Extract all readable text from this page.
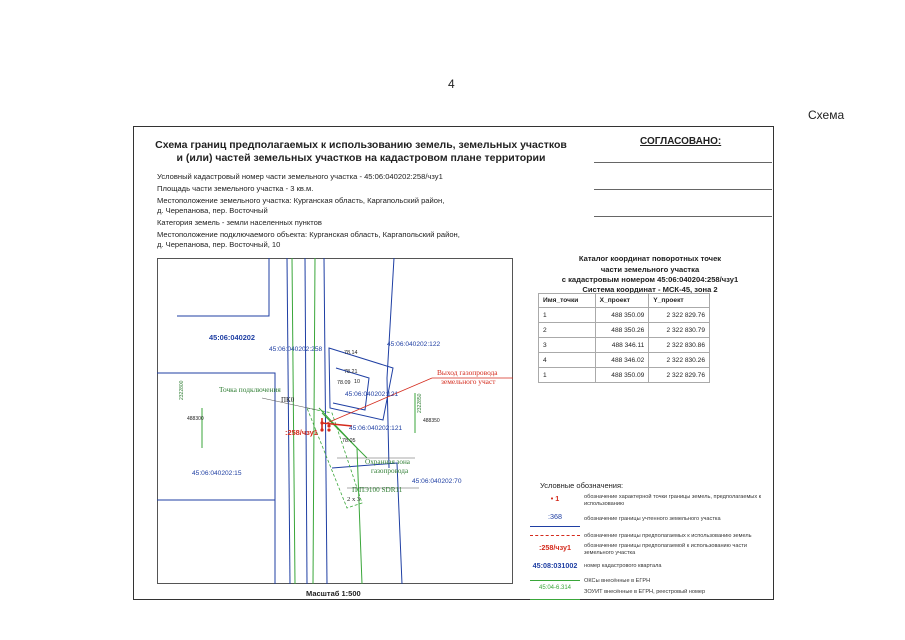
4
Схема
Схема границ предполагаемых к использованию земель, земельных участков
и (или) частей земельных участков на кадастровом плане территории
Условный кадастровый номер части земельного участка - 45:06:040202:258/чзу1
Площадь части земельного участка - 3 кв.м.
Местоположение земельного участка: Курганская область, Каргапольский район,
д. Черепанова, пер. Восточный
Категория земель - земли населенных пунктов
Местоположение подключаемого объекта: Курганская область, Каргапольский район,
д. Черепанова, пер. Восточный, 10
СОГЛАСОВАНО:
Каталог координат поворотных точек
части земельного участка
с кадастровым номером 45:06:040204:258/чзу1
Система координат - МСК-45, зона 2
Имя_точки	X_проект	Y_проект
1	488 350.09	2 322 829.76
2	488 350.26	2 322 830.79
3	488 346.11	2 322 830.86
4	488 346.02	2 322 830.26
1	488 350.09	2 322 829.76
45:06:040202
45:06:040202:258
45:06:040202:122
45:06:040202:121
45:06:040202:121
45:06:040202:15
45:06:040202:70
:258/чзу1
Точка подключения
ПК0
Выход газопровода
земельного участ
Охранная зона
газопровода
П ПЭ100 SDR11
2 х 3
78.14
78.21
10
78.09
78.05
2322800
488300
2322850
488350
Масштаб 1:500
Условные обозначения:
• 1	обозначение характерной точки границы земель, предполагаемых к использованию
:368	обозначение границы учтенного земельного участка
обозначение границы предполагаемых к использованию земель
:258/чзу1	обозначение границы предполагаемой к использованию части земельного участка
45:08:031002	номер кадастрового квартала
ОКСы внесённые в ЕГРН
45:04-6.314
ЗОУИТ внесённые в ЕГРН, реестровый номер
